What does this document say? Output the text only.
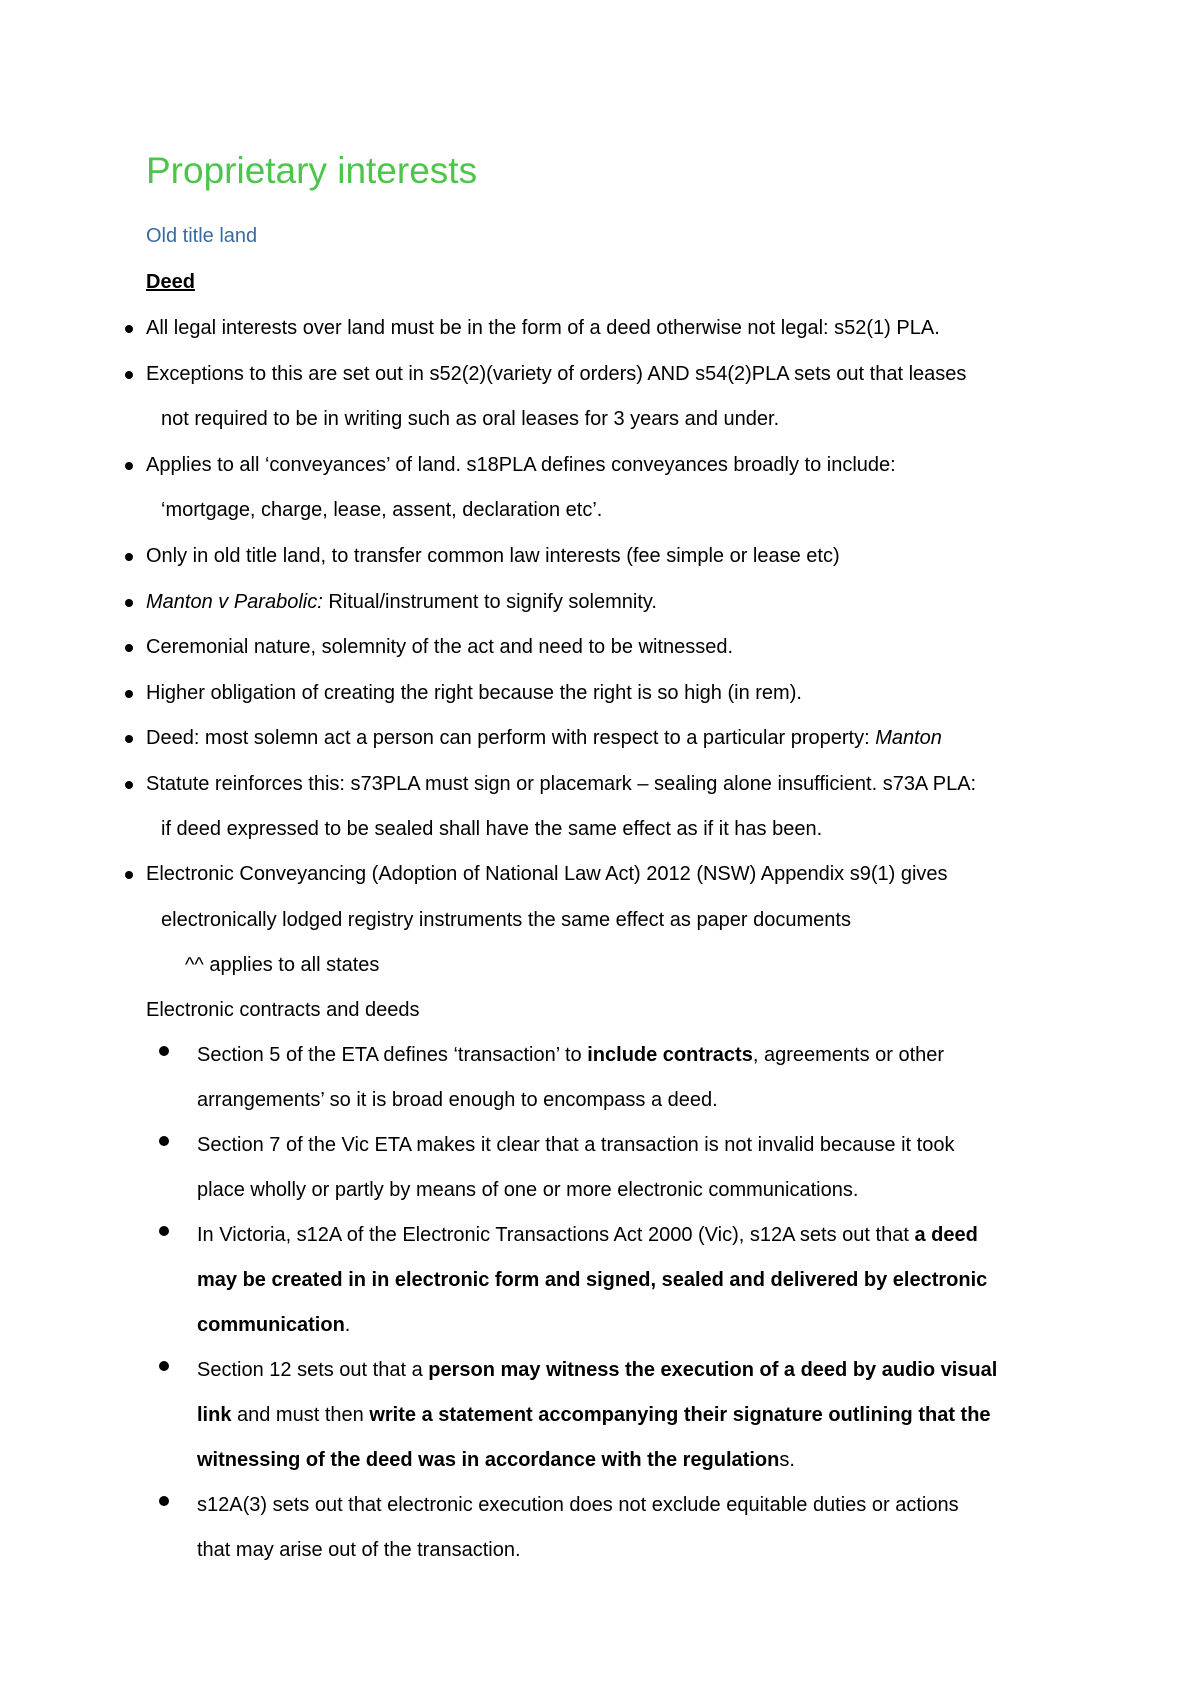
Proprietary interests
Old title land
Deed

All legal interests over land must be in the form of a deed otherwise not legal: s52(1) PLA.

Exceptions to this are set out in s52(2)(variety of orders) AND s54(2)PLA sets out that leases

not required to be in writing such as oral leases for 3 years and under.

Applies to all ‘conveyances’ of land. s18PLA defines conveyances broadly to include:

‘mortgage, charge, lease, assent, declaration etc’.

Only in old title land, to transfer common law interests (fee simple or lease etc)

Manton v Parabolic: Ritual/instrument to signify solemnity.

Ceremonial nature, solemnity of the act and need to be witnessed.

Higher obligation of creating the right because the right is so high (in rem).

Deed: most solemn act a person can perform with respect to a particular property: Manton

Statute reinforces this: s73PLA must sign or placemark – sealing alone insufficient. s73A PLA:

if deed expressed to be sealed shall have the same effect as if it has been.

Electronic Conveyancing (Adoption of National Law Act) 2012 (NSW) Appendix s9(1) gives

electronically lodged registry instruments the same effect as paper documents

^^ applies to all states

Electronic contracts and deeds

Section 5 of the ETA defines ‘transaction’ to include contracts, agreements or other

arrangements’ so it is broad enough to encompass a deed.

Section 7 of the Vic ETA makes it clear that a transaction is not invalid because it took

place wholly or partly by means of one or more electronic communications.

In Victoria, s12A of the Electronic Transactions Act 2000 (Vic), s12A sets out that a deed

may be created in in electronic form and signed, sealed and delivered by electronic

communication.

Section 12 sets out that a person may witness the execution of a deed by audio visual

link and must then write a statement accompanying their signature outlining that the

witnessing of the deed was in accordance with the regulations.

s12A(3) sets out that electronic execution does not exclude equitable duties or actions

that may arise out of the transaction.
